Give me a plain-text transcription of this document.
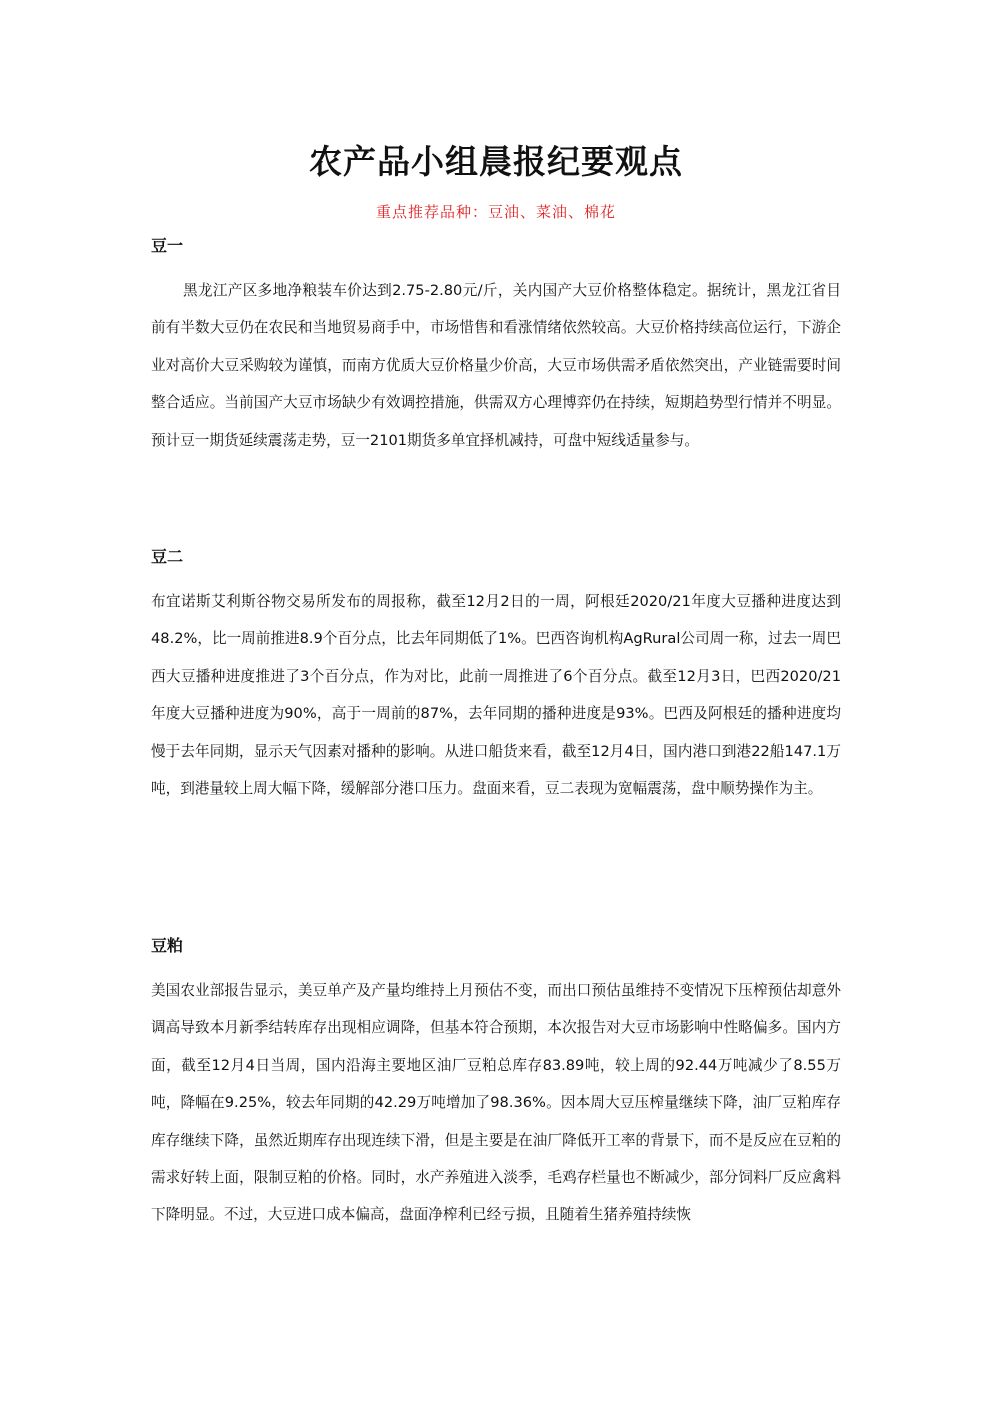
农产品小组晨报纪要观点
重点推荐品种：豆油、菜油、棉花
豆一

黑龙江产区多地净粮装车价达到2.75-2.80元/斤，关内国产大豆价格整体稳定。据统计，黑龙江省目前有半数大豆仍在农民和当地贸易商手中，市场惜售和看涨情绪依然较高。大豆价格持续高位运行，下游企业对高价大豆采购较为谨慎，而南方优质大豆价格量少价高，大豆市场供需矛盾依然突出，产业链需要时间整合适应。当前国产大豆市场缺少有效调控措施，供需双方心理博弈仍在持续，短期趋势型行情并不明显。预计豆一期货延续震荡走势，豆一2101期货多单宜择机减持，可盘中短线适量参与。

豆二

布宜诺斯艾利斯谷物交易所发布的周报称，截至12月2日的一周，阿根廷2020/21年度大豆播种进度达到48.2%，比一周前推进8.9个百分点，比去年同期低了1%。巴西咨询机构AgRural公司周一称，过去一周巴西大豆播种进度推进了3个百分点，作为对比，此前一周推进了6个百分点。截至12月3日，巴西2020/21年度大豆播种进度为90%，高于一周前的87%，去年同期的播种进度是93%。巴西及阿根廷的播种进度均慢于去年同期，显示天气因素对播种的影响。从进口船货来看，截至12月4日，国内港口到港22船147.1万吨，到港量较上周大幅下降，缓解部分港口压力。盘面来看，豆二表现为宽幅震荡，盘中顺势操作为主。

豆粕

美国农业部报告显示，美豆单产及产量均维持上月预估不变，而出口预估虽维持不变情况下压榨预估却意外调高导致本月新季结转库存出现相应调降，但基本符合预期，本次报告对大豆市场影响中性略偏多。国内方面，截至12月4日当周，国内沿海主要地区油厂豆粕总库存83.89吨，较上周的92.44万吨减少了8.55万吨，降幅在9.25%，较去年同期的42.29万吨增加了98.36%。因本周大豆压榨量继续下降，油厂豆粕库存库存继续下降，虽然近期库存出现连续下滑，但是主要是在油厂降低开工率的背景下，而不是反应在豆粕的需求好转上面，限制豆粕的价格。同时，水产养殖进入淡季，毛鸡存栏量也不断减少，部分饲料厂反应禽料下降明显。不过，大豆进口成本偏高，盘面净榨利已经亏损，且随着生猪养殖持续恢
